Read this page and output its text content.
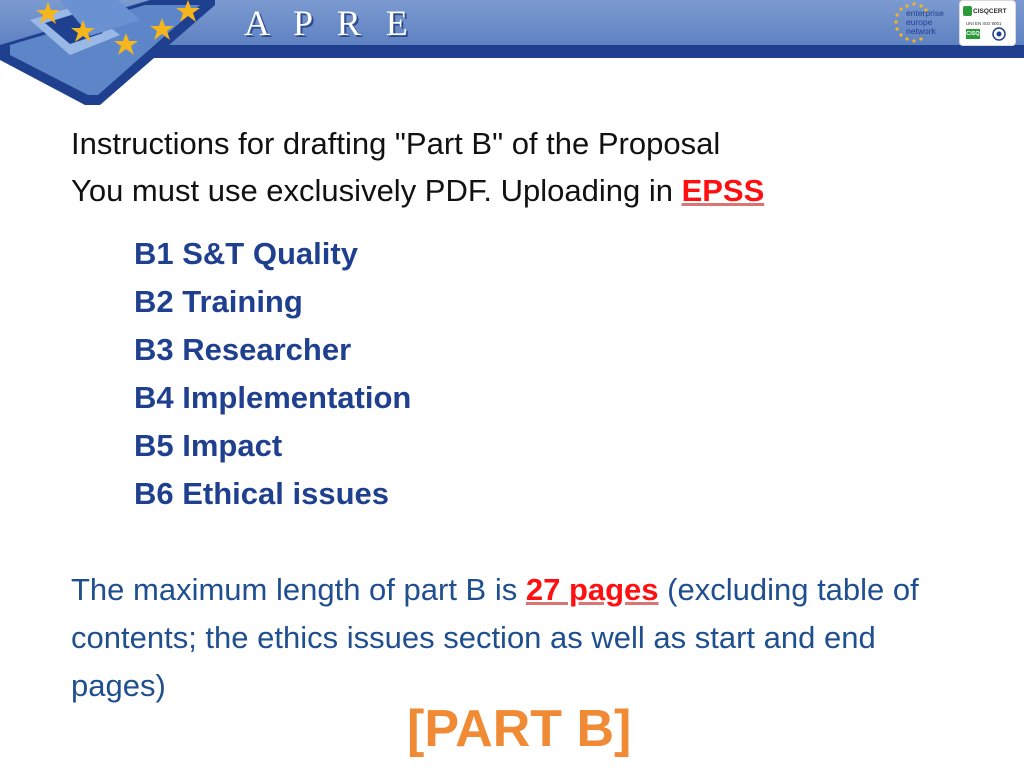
A P R E	enterprise
europe
network
CISQCERT
UNI EN ISO 9001
CISQ
Instructions for drafting "Part B" of the Proposal
You must use exclusively PDF. Uploading in EPSS
B1 S&T Quality
B2 Training
B3 Researcher
B4 Implementation
B5 Impact
B6 Ethical issues
The maximum length of part B is 27 pages (excluding table of contents; the ethics issues section as well as start and end pages)
[PART B]
